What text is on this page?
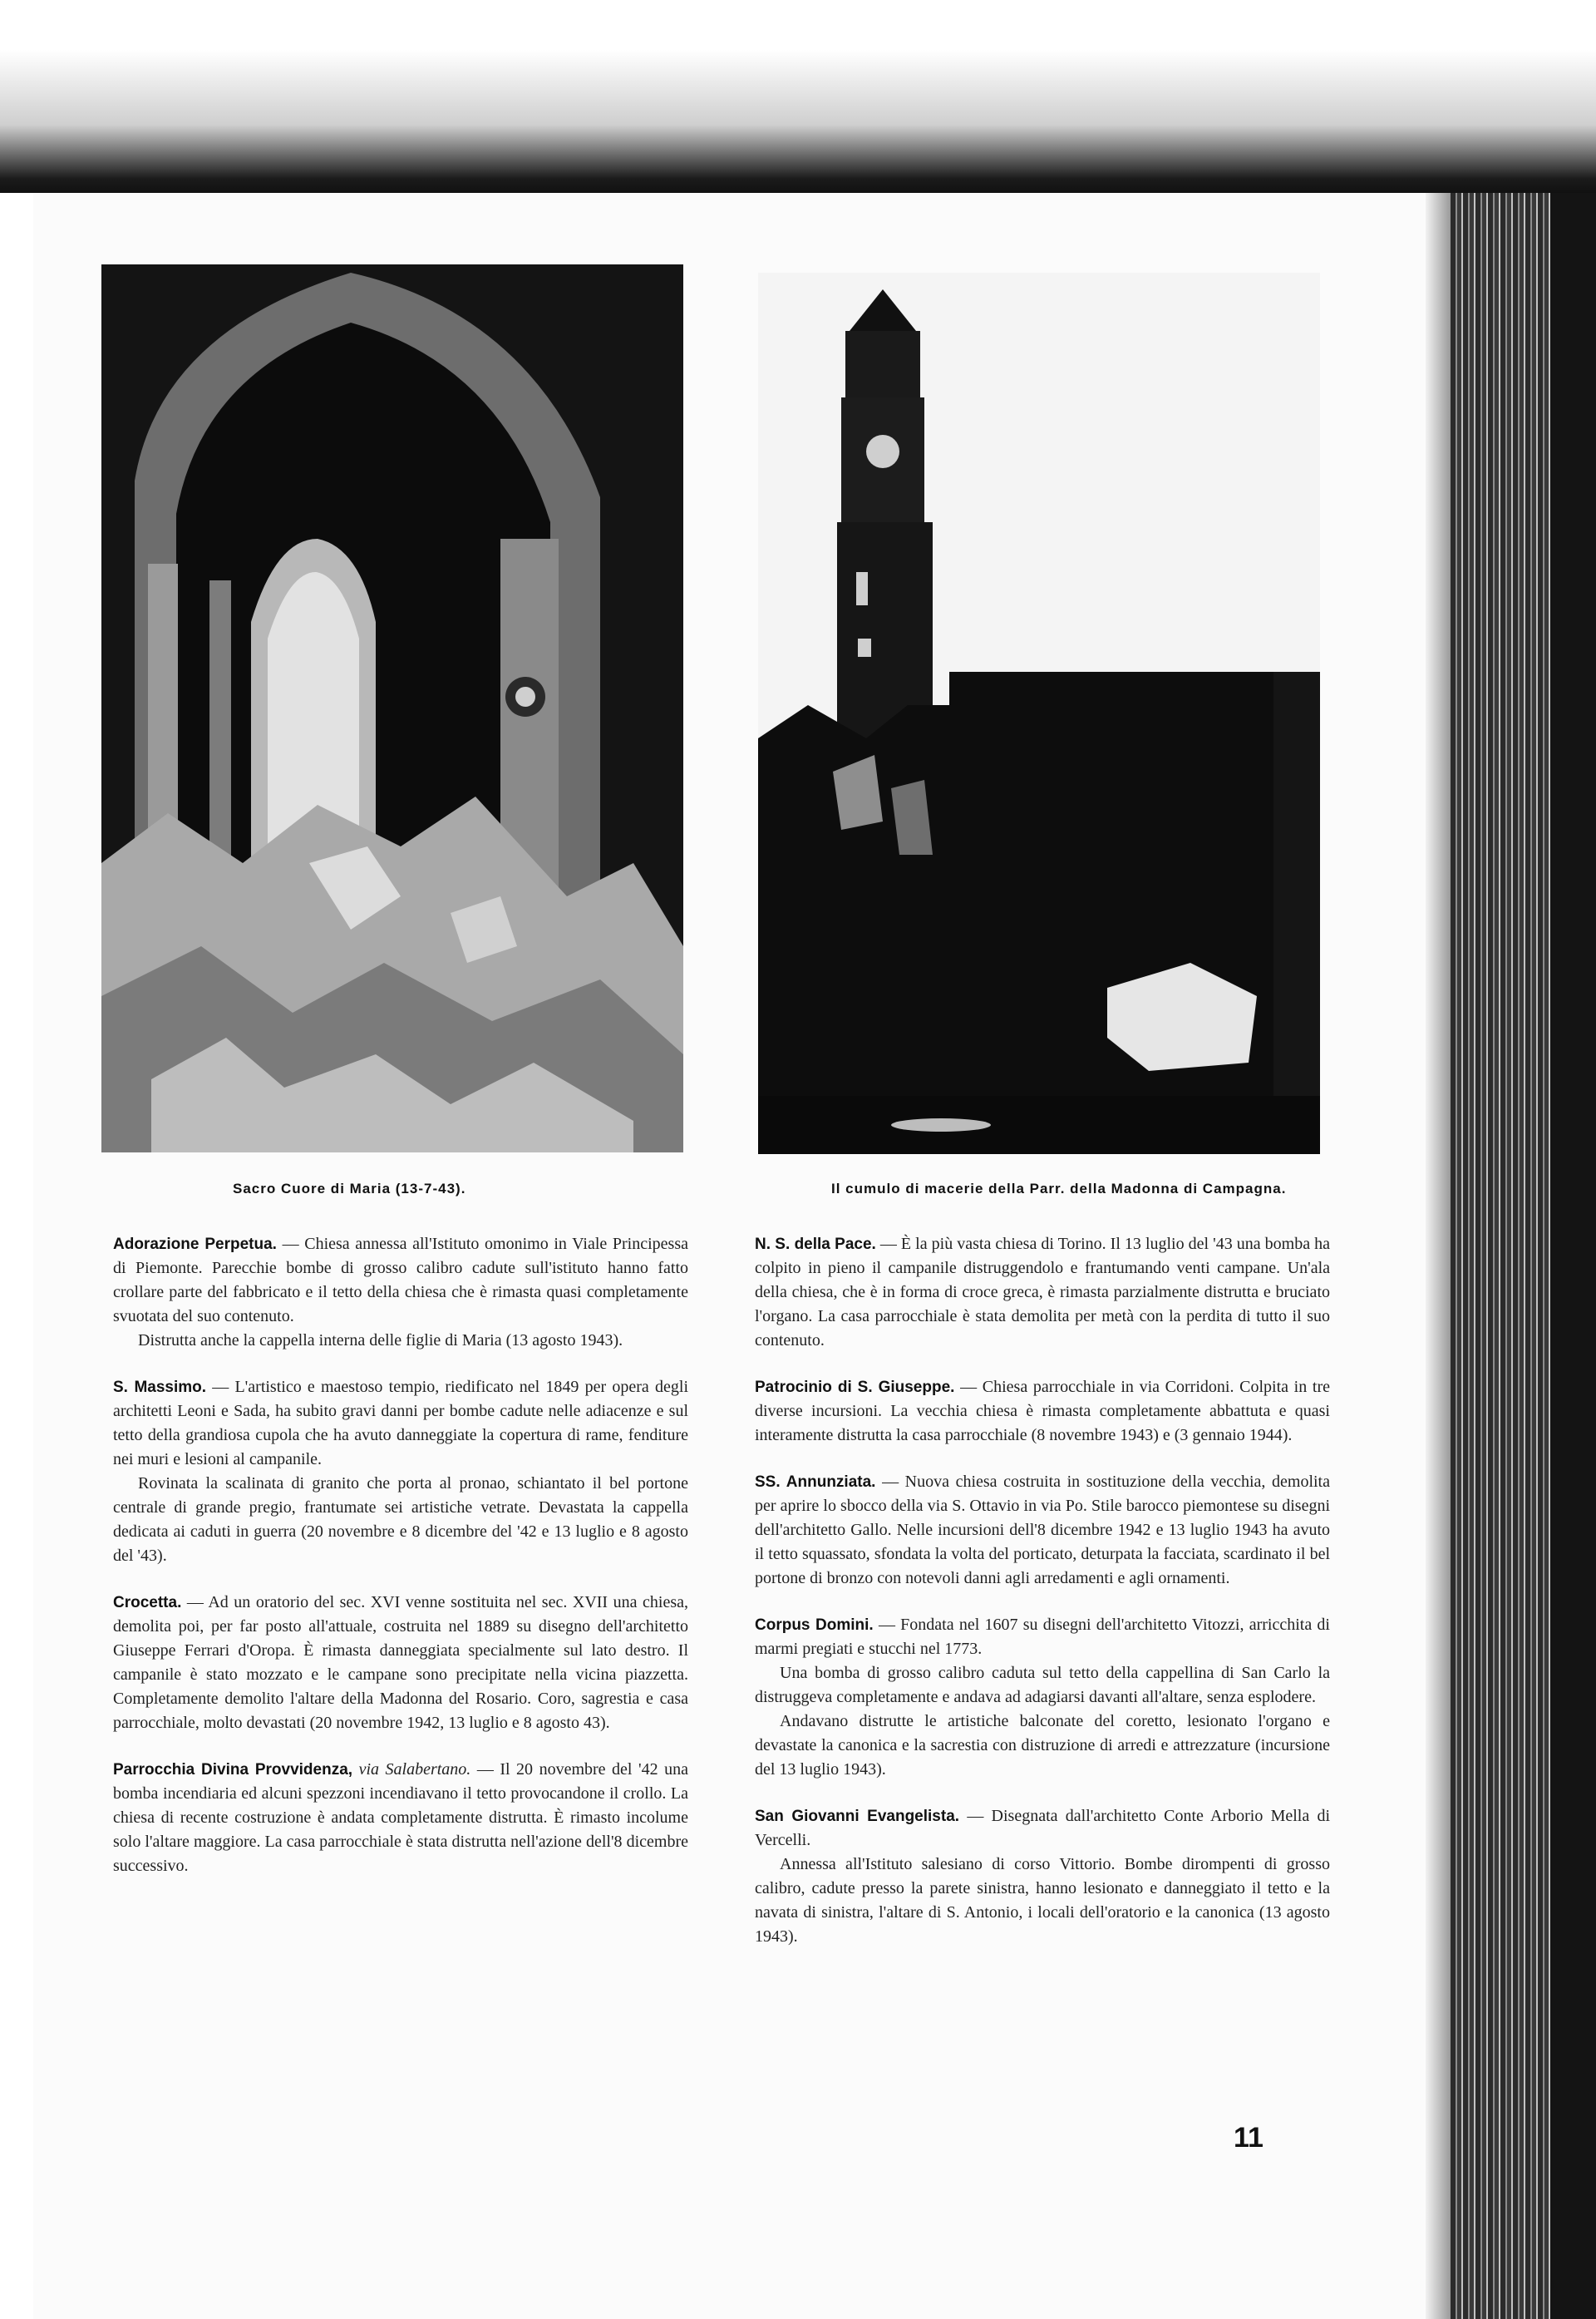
Sacro Cuore di Maria (13-7-43).	Il cumulo di macerie della Parr. della Madonna di Campagna.

Adorazione Perpetua. — Chiesa annessa all'Istituto omonimo in Viale Principessa di Piemonte. Parecchie bombe di grosso calibro cadute sull'istituto hanno fatto crollare parte del fabbricato e il tetto della chiesa che è rimasta quasi completamente svuotata del suo contenuto.

Distrutta anche la cappella interna delle figlie di Maria (13 agosto 1943).

S. Massimo. — L'artistico e maestoso tempio, riedificato nel 1849 per opera degli architetti Leoni e Sada, ha subito gravi danni per bombe cadute nelle adiacenze e sul tetto della grandiosa cupola che ha avuto danneggiate la copertura di rame, fenditure nei muri e lesioni al campanile.

Rovinata la scalinata di granito che porta al pronao, schiantato il bel portone centrale di grande pregio, frantumate sei artistiche vetrate. Devastata la cappella dedicata ai caduti in guerra (20 novembre e 8 dicembre del '42 e 13 luglio e 8 agosto del '43).

Crocetta. — Ad un oratorio del sec. XVI venne sostituita nel sec. XVII una chiesa, demolita poi, per far posto all'attuale, costruita nel 1889 su disegno dell'architetto Giuseppe Ferrari d'Oropa. È rimasta danneggiata specialmente sul lato destro. Il campanile è stato mozzato e le campane sono precipitate nella vicina piazzetta. Completamente demolito l'altare della Madonna del Rosario. Coro, sagrestia e casa parrocchiale, molto devastati (20 novembre 1942, 13 luglio e 8 agosto 43).

Parrocchia Divina Provvidenza, via Salabertano. — Il 20 novembre del '42 una bomba incendiaria ed alcuni spezzoni incendiavano il tetto provocandone il crollo. La chiesa di recente costruzione è andata completamente distrutta. È rimasto incolume solo l'altare maggiore. La casa parrocchiale è stata distrutta nell'azione dell'8 dicembre successivo.

N. S. della Pace. — È la più vasta chiesa di Torino. Il 13 luglio del '43 una bomba ha colpito in pieno il campanile distruggendolo e frantumando venti campane. Un'ala della chiesa, che è in forma di croce greca, è rimasta parzialmente distrutta e bruciato l'organo. La casa parrocchiale è stata demolita per metà con la perdita di tutto il suo contenuto.

Patrocinio di S. Giuseppe. — Chiesa parrocchiale in via Corridoni. Colpita in tre diverse incursioni. La vecchia chiesa è rimasta completamente abbattuta e quasi interamente distrutta la casa parrocchiale (8 novembre 1943) e (3 gennaio 1944).

SS. Annunziata. — Nuova chiesa costruita in sostituzione della vecchia, demolita per aprire lo sbocco della via S. Ottavio in via Po. Stile barocco piemontese su disegni dell'architetto Gallo. Nelle incursioni dell'8 dicembre 1942 e 13 luglio 1943 ha avuto il tetto squassato, sfondata la volta del porticato, deturpata la facciata, scardinato il bel portone di bronzo con notevoli danni agli arredamenti e agli ornamenti.

Corpus Domini. — Fondata nel 1607 su disegni dell'architetto Vitozzi, arricchita di marmi pregiati e stucchi nel 1773.

Una bomba di grosso calibro caduta sul tetto della cappellina di San Carlo la distruggeva completamente e andava ad adagiarsi davanti all'altare, senza esplodere.

Andavano distrutte le artistiche balconate del coretto, lesionato l'organo e devastate la canonica e la sacrestia con distruzione di arredi e attrezzature (incursione del 13 luglio 1943).

San Giovanni Evangelista. — Disegnata dall'architetto Conte Arborio Mella di Vercelli.

Annessa all'Istituto salesiano di corso Vittorio. Bombe dirompenti di grosso calibro, cadute presso la parete sinistra, hanno lesionato e danneggiato il tetto e la navata di sinistra, l'altare di S. Antonio, i locali dell'oratorio e la canonica (13 agosto 1943).

11
